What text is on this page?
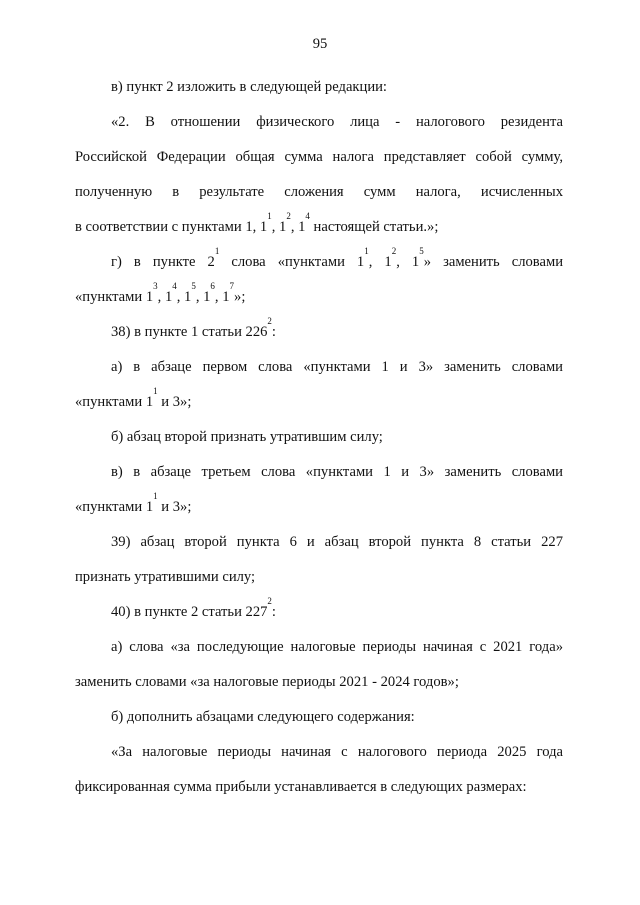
95
в) пункт 2 изложить в следующей редакции:
«2. В отношении физического лица - налогового резидента
Российской Федерации общая сумма налога представляет собой сумму,
полученную в результате сложения сумм налога, исчисленных
в соответствии с пунктами 1, $1^1$, $1^2$, $1^4$ настоящей статьи.»;
г) в пункте $2^1$ слова «пунктами $1^1$, $1^2$, $1^5$» заменить словами
«пунктами $1^3$, $1^4$, $1^5$, $1^6$, $1^7$»;
38) в пункте 1 статьи $226^2$:
а) в абзаце первом слова «пунктами 1 и 3» заменить словами
«пунктами $1^1$ и 3»;
б) абзац второй признать утратившим силу;
в) в абзаце третьем слова «пунктами 1 и 3» заменить словами
«пунктами $1^1$ и 3»;
39) абзац второй пункта 6 и абзац второй пункта 8 статьи 227
признать утратившими силу;
40) в пункте 2 статьи $227^2$:
а) слова «за последующие налоговые периоды начиная с 2021 года»
заменить словами «за налоговые периоды 2021 - 2024 годов»;
б) дополнить абзацами следующего содержания:
«За налоговые периоды начиная с налогового периода 2025 года
фиксированная сумма прибыли устанавливается в следующих размерах:
